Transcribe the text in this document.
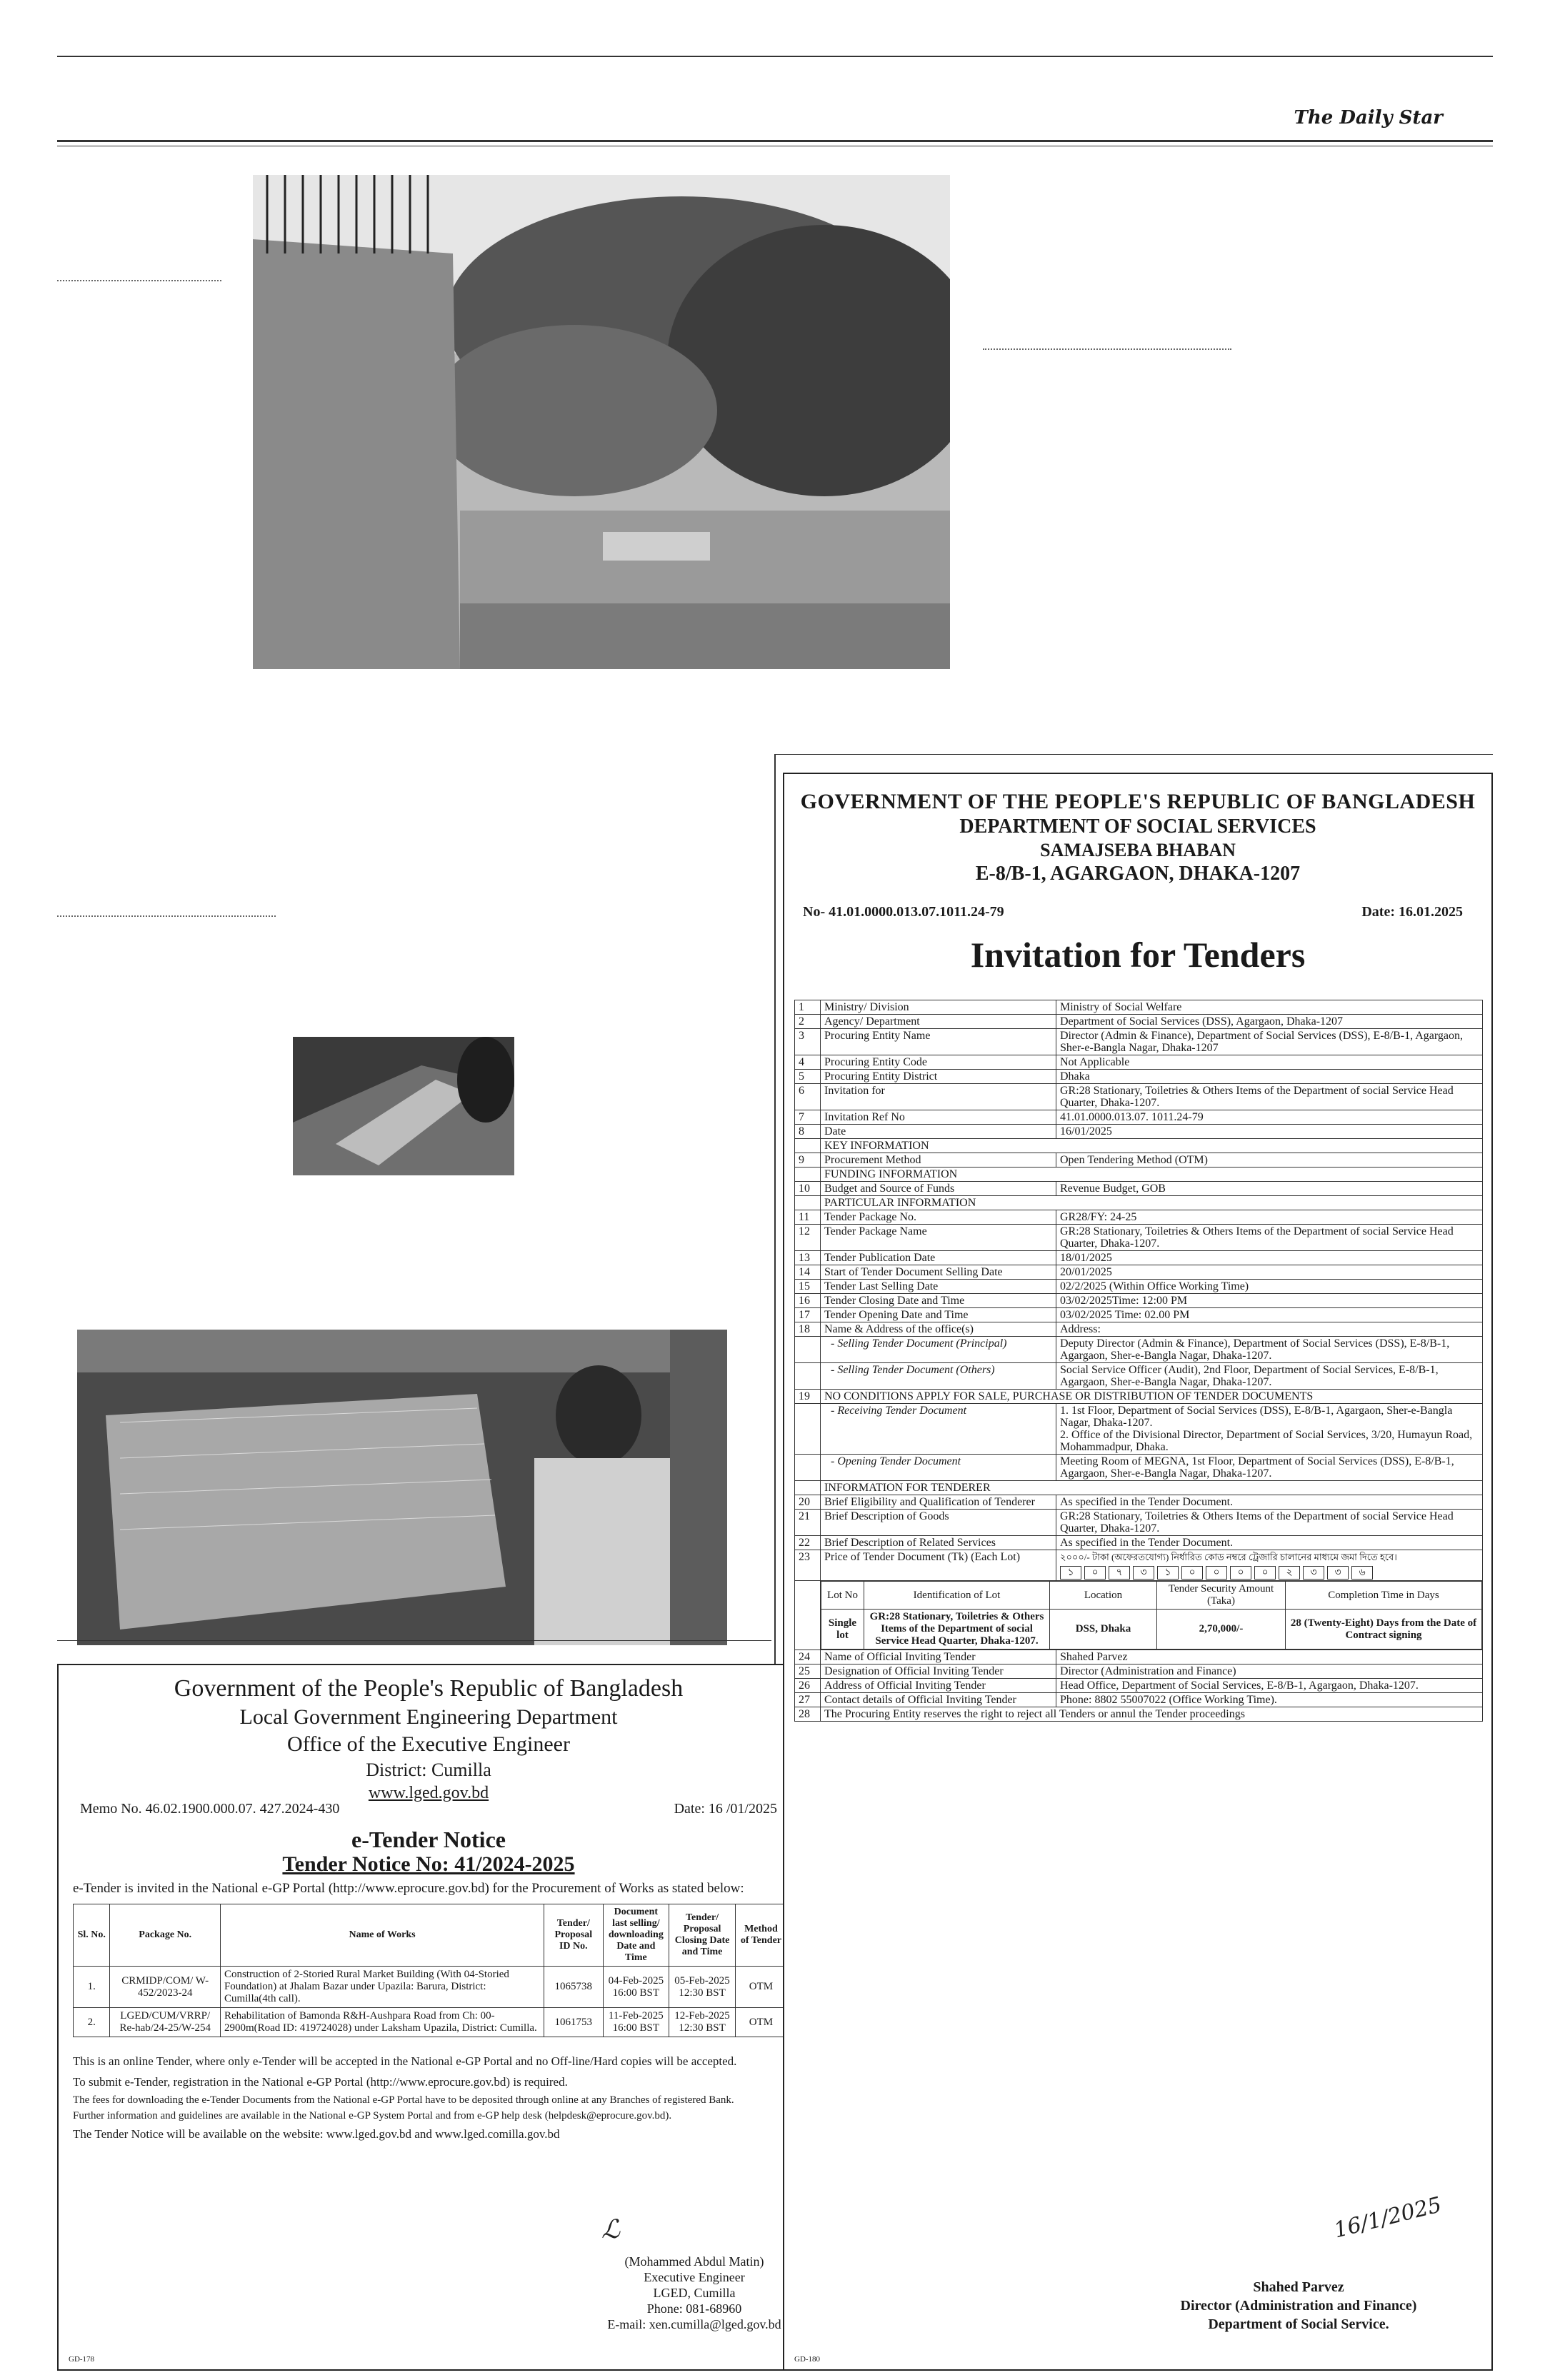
The Daily Star
Government of the People's Republic of Bangladesh
Local Government Engineering Department
Office of the Executive Engineer
District: Cumilla
www.lged.gov.bd
Memo No. 46.02.1900.000.07. 427.2024-430	Date: 16 /01/2025
e-Tender Notice
Tender Notice No: 41/2024-2025
e-Tender is invited in the National e-GP Portal (http://www.eprocure.gov.bd) for the Procurement of Works as stated below:
Sl. No.	Package No.	Name of Works	Tender/ Proposal ID No.	Document last selling/ downloading Date and Time	Tender/ Proposal Closing Date and Time	Method of Tender
1.	CRMIDP/COM/ W-452/2023-24	Construction of 2-Storied Rural Market Building (With 04-Storied Foundation) at Jhalam Bazar under Upazila: Barura, District: Cumilla(4th call).	1065738	04-Feb-2025 16:00 BST	05-Feb-2025 12:30 BST	OTM
2.	LGED/CUM/VRRP/ Re-hab/24-25/W-254	Rehabilitation of Bamonda R&H-Aushpara Road from Ch: 00-2900m(Road ID: 419724028) under Laksham Upazila, District: Cumilla.	1061753	11-Feb-2025 16:00 BST	12-Feb-2025 12:30 BST	OTM
This is an online Tender, where only e-Tender will be accepted in the National e-GP Portal and no Off-line/Hard copies will be accepted.
To submit e-Tender, registration in the National e-GP Portal (http://www.eprocure.gov.bd) is required.
The fees for downloading the e-Tender Documents from the National e-GP Portal have to be deposited through online at any Branches of registered Bank.
Further information and guidelines are available in the National e-GP System Portal and from e-GP help desk (helpdesk@eprocure.gov.bd).
The Tender Notice will be available on the website: www.lged.gov.bd and www.lged.comilla.gov.bd
ℒ
(Mohammed Abdul Matin)
Executive Engineer
LGED, Cumilla
Phone: 081-68960
E-mail: xen.cumilla@lged.gov.bd
GD-178
GOVERNMENT OF THE PEOPLE'S REPUBLIC OF BANGLADESH
DEPARTMENT OF SOCIAL SERVICES
SAMAJSEBA BHABAN
E-8/B-1, AGARGAON, DHAKA-1207
No- 41.01.0000.013.07.1011.24-79	Date: 16.01.2025
Invitation for Tenders
1	Ministry/ Division	Ministry of Social Welfare
2	Agency/ Department	Department of Social Services (DSS), Agargaon, Dhaka-1207
3	Procuring Entity Name	Director (Admin & Finance), Department of Social Services (DSS), E-8/B-1, Agargaon, Sher-e-Bangla Nagar, Dhaka-1207
4	Procuring Entity Code	Not Applicable
5	Procuring Entity District	Dhaka
6	Invitation for	GR:28 Stationary, Toiletries & Others Items of the Department of social Service Head Quarter, Dhaka-1207.
7	Invitation Ref No	41.01.0000.013.07. 1011.24-79
8	Date	16/01/2025
	KEY INFORMATION
9	Procurement Method	Open Tendering Method (OTM)
	FUNDING INFORMATION
10	Budget and Source of Funds	Revenue Budget, GOB
	PARTICULAR INFORMATION
11	Tender Package No.	GR28/FY: 24-25
12	Tender Package Name	GR:28 Stationary, Toiletries & Others Items of the Department of social Service Head Quarter, Dhaka-1207.
13	Tender Publication Date	18/01/2025
14	Start of Tender Document Selling Date	20/01/2025
15	Tender Last Selling Date	02/2/2025 (Within Office Working Time)
16	Tender Closing Date and Time	03/02/2025Time: 12:00 PM
17	Tender Opening Date and Time	03/02/2025 Time: 02.00 PM
18	Name & Address of the office(s)	Address:
	- Selling Tender Document (Principal)	Deputy Director (Admin & Finance), Department of Social Services (DSS), E-8/B-1, Agargaon, Sher-e-Bangla Nagar, Dhaka-1207.
	- Selling Tender Document (Others)	Social Service Officer (Audit), 2nd Floor, Department of Social Services, E-8/B-1, Agargaon, Sher-e-Bangla Nagar, Dhaka-1207.
19	NO CONDITIONS APPLY FOR SALE, PURCHASE OR DISTRIBUTION OF TENDER DOCUMENTS
	- Receiving Tender Document	1. 1st Floor, Department of Social Services (DSS), E-8/B-1, Agargaon, Sher-e-Bangla Nagar, Dhaka-1207.
2. Office of the Divisional Director, Department of Social Services, 3/20, Humayun Road, Mohammadpur, Dhaka.

	- Opening Tender Document	Meeting Room of MEGNA, 1st Floor, Department of Social Services (DSS), E-8/B-1, Agargaon, Sher-e-Bangla Nagar, Dhaka-1207.
	INFORMATION FOR TENDERER
20	Brief Eligibility and Qualification of Tenderer	As specified in the Tender Document.
21	Brief Description of Goods	GR:28 Stationary, Toiletries & Others Items of the Department of social Service Head Quarter, Dhaka-1207.
22	Brief Description of Related Services	As specified in the Tender Document.
23	Price of Tender Document (Tk) (Each Lot)	২০০০/- টাকা (অফেরতযোগ্য) নির্ধারিত কোড নম্বরে ট্রেজারি চালানের মাধ্যমে জমা দিতে হবে।
১ ০ ৭ ৩ ১ ০ ০ ০ ০ ২ ৩ ৩ ৬

Lot No	Identification of Lot	Location	Tender Security Amount (Taka)	Completion Time in Days
Single lot	GR:28 Stationary, Toiletries & Others Items of the Department of social Service Head Quarter, Dhaka-1207.	DSS, Dhaka	2,70,000/-	28 (Twenty-Eight) Days from the Date of Contract signing

24	Name of Official Inviting Tender	Shahed Parvez
25	Designation of Official Inviting Tender	Director (Administration and Finance)
26	Address of Official Inviting Tender	Head Office, Department of Social Services, E-8/B-1, Agargaon, Dhaka-1207.
27	Contact details of Official Inviting Tender	Phone: 8802 55007022 (Office Working Time).
28	The Procuring Entity reserves the right to reject all Tenders or annul the Tender proceedings
16/1/2025
Shahed Parvez
Director (Administration and Finance)
Department of Social Service.
GD-180
